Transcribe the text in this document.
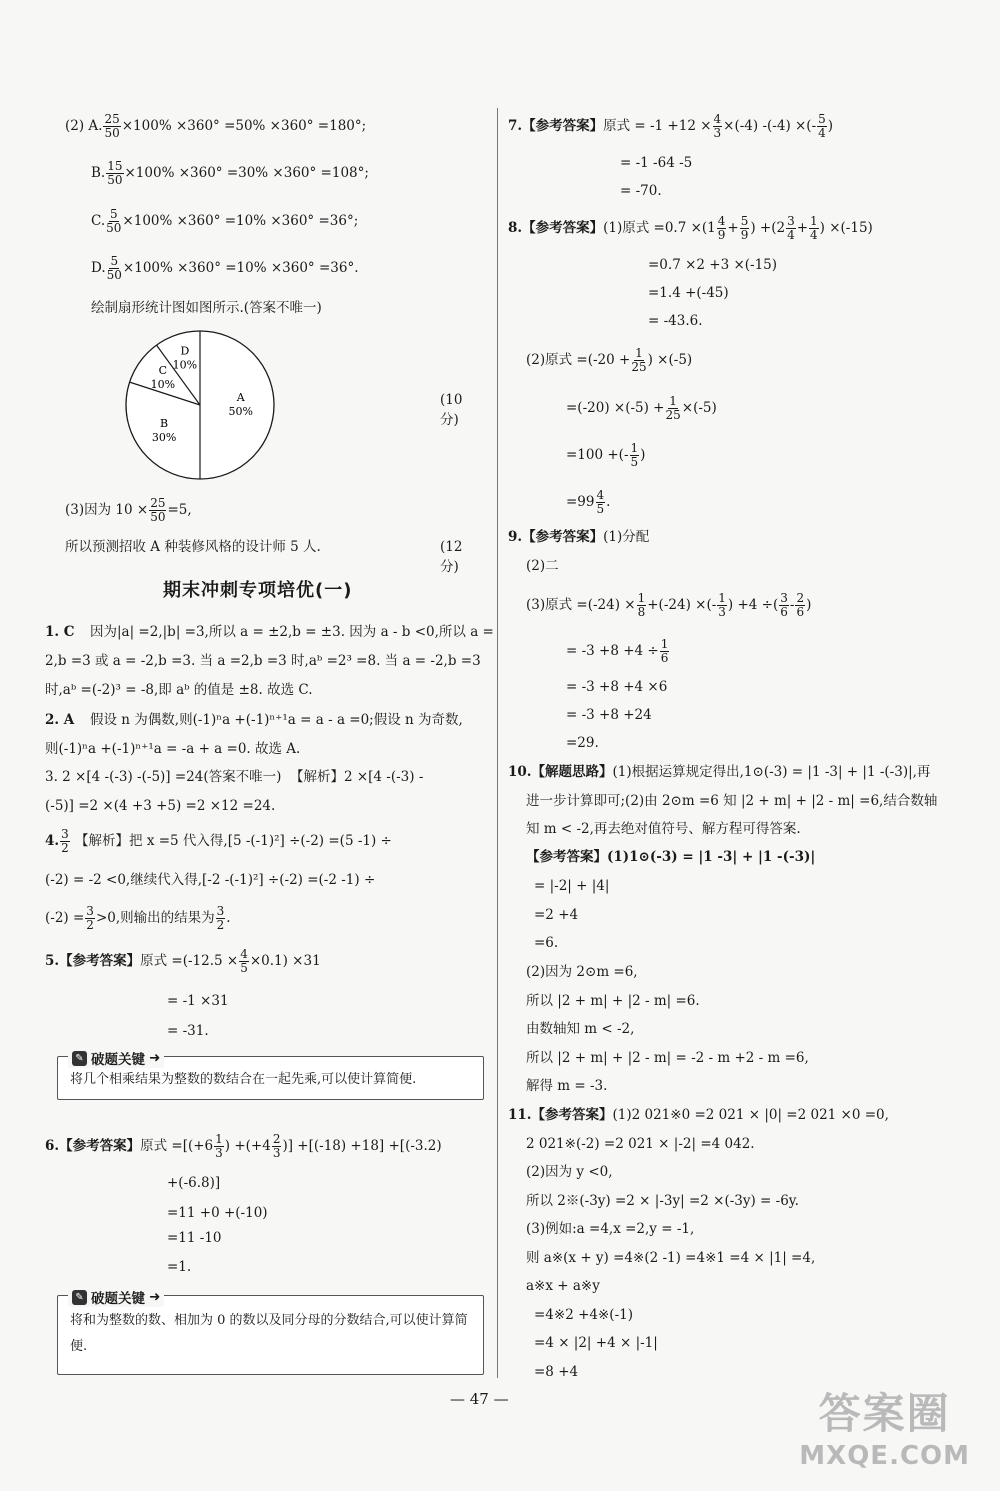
(2) A. $\frac{25}{50} \times 100\% \times 360^\circ =50\% \times 360^\circ =180^\circ$;
B. $\frac{15}{50} \times 100\% \times 360^\circ =30\% \times 360^\circ =108^\circ$;
C. $\frac{5}{50} \times 100\% \times 360^\circ =10\% \times 360^\circ =36^\circ$;
D. $\frac{5}{50} \times 100\% \times 360^\circ =10\% \times 360^\circ =36^\circ$.
绘制扇形统计图如图所示.(答案不唯一)
A
50%
B
30%
C
10%
D
10%
(10 分)
(3)因为 $10 \times \frac{25}{50} =5$,
所以预测招收 A 种装修风格的设计师 5 人.	(12 分)
期末冲刺专项培优(一)
1. C 因为|a| =2,|b| =3,所以 a = ±2,b = ±3. 因为 a - b <0,所以 a =
2,b =3 或 a = -2,b =3. 当 a =2,b =3 时,aᵇ =2³ =8. 当 a = -2,b =3
时,aᵇ =(-2)³ = -8,即 aᵇ 的值是 ±8. 故选 C.
2. A 假设 n 为偶数,则(-1)ⁿa +(-1)ⁿ⁺¹a = a - a =0;假设 n 为奇数,
则(-1)ⁿa +(-1)ⁿ⁺¹a = -a + a =0. 故选 A.
3. 2 ×[4 -(-3) -(-5)] =24(答案不唯一)  【解析】2 ×[4 -(-3) -
(-5)] =2 ×(4 +3 +5) =2 ×12 =24.
4. $\frac{3}{2}$ 【解析】把 x =5 代入得,[5 -(-1)²] ÷(-2) =(5 -1) ÷
(-2) = -2 <0,继续代入得,[-2 -(-1)²] ÷(-2) =(-2 -1) ÷
$(-2) = \frac{3}{2} >0$,则输出的结果为 $\frac{3}{2}$ .
5.【参考答案】原式 $=(-12.5 \times \frac{4}{5} \times 0.1) \times 31$
= -1 ×31
= -31.
✎ 破题关键 ➜
将几个相乘结果为整数的数结合在一起先乘,可以使计算简便.
6.【参考答案】原式 $=[(+6 \frac{1}{3}$ ) $+(+4 \frac{2}{3}$ )] +[(-18) +18] +[(-3.2)
+(-6.8)]
=11 +0 +(-10)
=11 -10
=1.
✎ 破题关键 ➜
将和为整数的数、相加为 0 的数以及同分母的分数结合,可以使计算简便.
7.【参考答案】原式 = $-1 +12 \times \frac{4}{3} \times(-4)$ -(-4) ×(- $\frac{5}{4}$ )
= -1 -64 -5
= -70.
8.【参考答案】(1)原式 $=0.7 \times(1 \frac{4}{9} + \frac{5}{9}$ ) $+(2 \frac{3}{4} + \frac{1}{4}$ ) ×(-15)
=0.7 ×2 +3 ×(-15)
=1.4 +(-45)
= -43.6.
(2)原式 $=(-20 + \frac{1}{25}$ ) ×(-5)
$=(-20) \times(-5) + \frac{1}{25} \times(-5)$
=100 +(- $\frac{1}{5}$ )
$=99 \frac{4}{5}$ .
9.【参考答案】(1)分配
(2)二
(3)原式 $=(-24) \times \frac{1}{8} +(-24)$ ×(- $\frac{1}{3}$ ) +4 ÷( $\frac{3}{6} - \frac{2}{6}$ )
= $-3 +8 +4 \div \frac{1}{6}$
= -3 +8 +4 ×6
= -3 +8 +24
=29.
10.【解题思路】(1)根据运算规定得出,1⊙(-3) = |1 -3| + |1 -(-3)|,再
进一步计算即可;(2)由 2⊙m =6 知 |2 + m| + |2 - m| =6,结合数轴
知 m < -2,再去绝对值符号、解方程可得答案.
【参考答案】(1)1⊙(-3) = |1 -3| + |1 -(-3)|
= |-2| + |4|
=2 +4
=6.
(2)因为 2⊙m =6,
所以 |2 + m| + |2 - m| =6.
由数轴知 m < -2,
所以 |2 + m| + |2 - m| = -2 - m +2 - m =6,
解得 m = -3.
11.【参考答案】(1)2 021※0 =2 021 × |0| =2 021 ×0 =0,
2 021※(-2) =2 021 × |-2| =4 042.
(2)因为 y <0,
所以 2※(-3y) =2 × |-3y| =2 ×(-3y) = -6y.
(3)例如:a =4,x =2,y = -1,
则 a※(x + y) =4※(2 -1) =4※1 =4 × |1| =4,
a※x + a※y
=4※2 +4※(-1)
=4 × |2| +4 × |-1|
=8 +4
— 47 —	答案圈
MXQE.COM
